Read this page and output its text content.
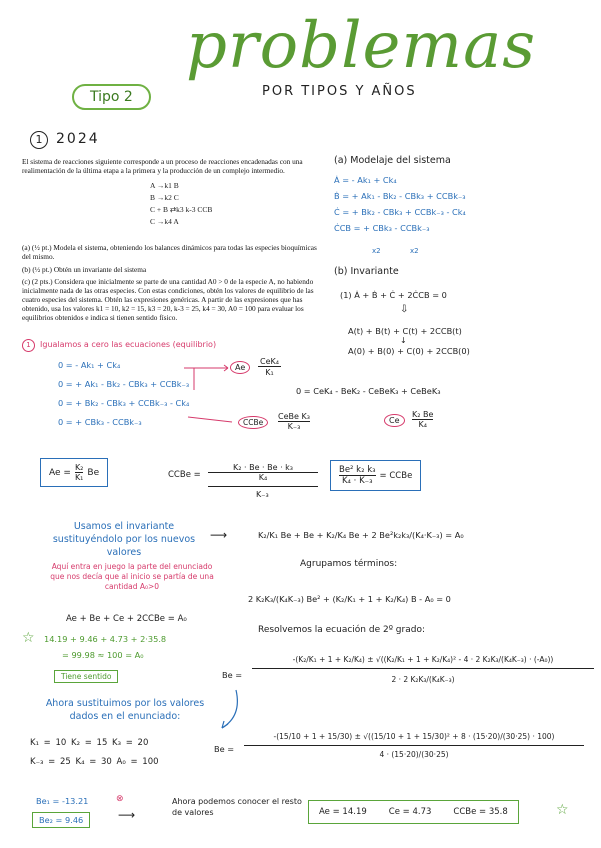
problemas
POR TIPOS Y AÑOS
Tipo 2
1 2024
El sistema de reacciones siguiente corresponde a un proceso de reacciones encadenadas con una realimentación de la última etapa a la primera y la producción de un complejo intermedio.
A →k1 B
B →k2 C
C + B ⇄k3 k-3 CCB
C →k4 A
(a) (½ pt.) Modela el sistema, obteniendo los balances dinámicos para todas las especies bioquímicas del mismo.
(b) (½ pt.) Obtén un invariante del sistema
(c) (2 pts.) Considera que inicialmente se parte de una cantidad A0 > 0 de la especie A, no habiendo inicialmente nada de las otras especies. Con estas condiciones, obtén los valores de equilibrio de las cuatro especies del sistema. Obtén las expresiones genéricas. A partir de las expresiones que has obtenido, usa los valores k1 = 10, k2 = 15, k3 = 20, k-3 = 25, k4 = 30, A0 = 100 para evaluar los equilibrios obtenidos e indica si tienen sentido físico.
(a) Modelaje del sistema
Ȧ = - Ak₁ + Ck₄
Ḃ = + Ak₁ - Bk₂ - CBk₃ + CCBk₋₃
Ċ = + Bk₂ - CBk₃ + CCBk₋₃ - Ck₄
ĊCB = + CBk₃ - CCBk₋₃
x2	x2
(b) Invariante
(1) Ȧ + Ḃ + Ċ + 2ĊCB = 0
⇩
A(t) + B(t) + C(t) + 2CCB(t)
↓
A(0) + B(0) + C(0) + 2CCB(0)
1	Igualamos a cero las ecuaciones (equilibrio)
0 = - Ak₁ + Ck₄
0 = + Ak₁ - Bk₂ - CBk₃ + CCBk₋₃
0 = + Bk₂ - CBk₃ + CCBk₋₃ - Ck₄
0 = + CBk₃ - CCBk₋₃
Ae
CeK₄
K₁
0 = CeK₄ - BeK₂ - CeBeK₃ + CeBeK₃
CCBe
CeBe K₃
K₋₃
Ce	$\frac{\text{K₂ Be}}{\text{K₄}}$
$Ae = \frac{\text{K₂}}{\text{K₁}}$ Be	CCBe =
K₂ · Be · Be · k₃
K₄
K₋₃
$\frac{\text{Be² k₂ k₃}}{\text{K₄ · K₋₃}}$ = CCBe
Usamos el invariante sustituyéndolo por los nuevos valores
⟶	K₂/K₁ Be + Be + K₂/K₄ Be + 2 Be²k₂k₃/(K₄·K₋₃) = A₀
Aquí entra en juego la parte del enunciado que nos decía que al inicio se partía de una cantidad A₀>0
Agrupamos términos:
2 K₂K₃/(K₄K₋₃) Be² + (K₂/K₁ + 1 + K₂/K₄) B - A₀ = 0
Ae + Be + Ce + 2CCBe = A₀
☆ 14.19 + 9.46 + 4.73 + 2·35.8
= 99.98 ≈ 100 = A₀
Tiene sentido
Resolvemos la ecuación de 2º grado:
Be =
-(K₂/K₁ + 1 + K₂/K₄) ± √((K₂/K₁ + 1 + K₂/K₄)² - 4 · 2 K₂K₃/(K₄K₋₃) · (-A₀))
2 · 2 K₂K₃/(K₄K₋₃)
Ahora sustituimos por los valores dados en el enunciado:
K₁ = 10 K₂ = 15 K₃ = 20
K₋₃ = 25 K₄ = 30 A₀ = 100
Be =
-(15/10 + 1 + 15/30) ± √((15/10 + 1 + 15/30)² + 8 · (15·20)/(30·25) · 100)
4 · (15·20)/(30·25)
Be₁ = -13.21	⊗
Be₂ = 9.46	⟶
Ahora podemos conocer el resto de valores	Ae = 14.19	Ce = 4.73	CCBe = 35.8	☆
